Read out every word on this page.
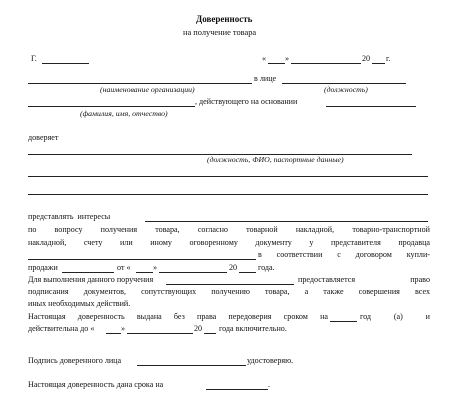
Доверенность
на получение товара
Г.	« »	20 г.
в лице
(наименование организации)	(должность)
, действующего на основании
(фамилия, имя, отчество)
доверяет
(должность, ФИО, паспортные данные)
представлять  интересы
по вопросу получения товара, согласно товарной накладной, товарно-транспортной
накладной, счету или иному оговоренному документу у представителя продавца
в соответствии с договором купли-
продажи	от «	»	20	года.
Для выполнения данного поручения	предоставляется право
подписания документов, сопутствующих получению товара, а также совершения всех
иных необходимых действий.
Настоящая доверенность выдана без права передоверия сроком на	год (а) и
действительна до «	»	20 года включительно.
Подпись доверенного лица	удостоверяю.
Настоящая доверенность дана срока на	.
